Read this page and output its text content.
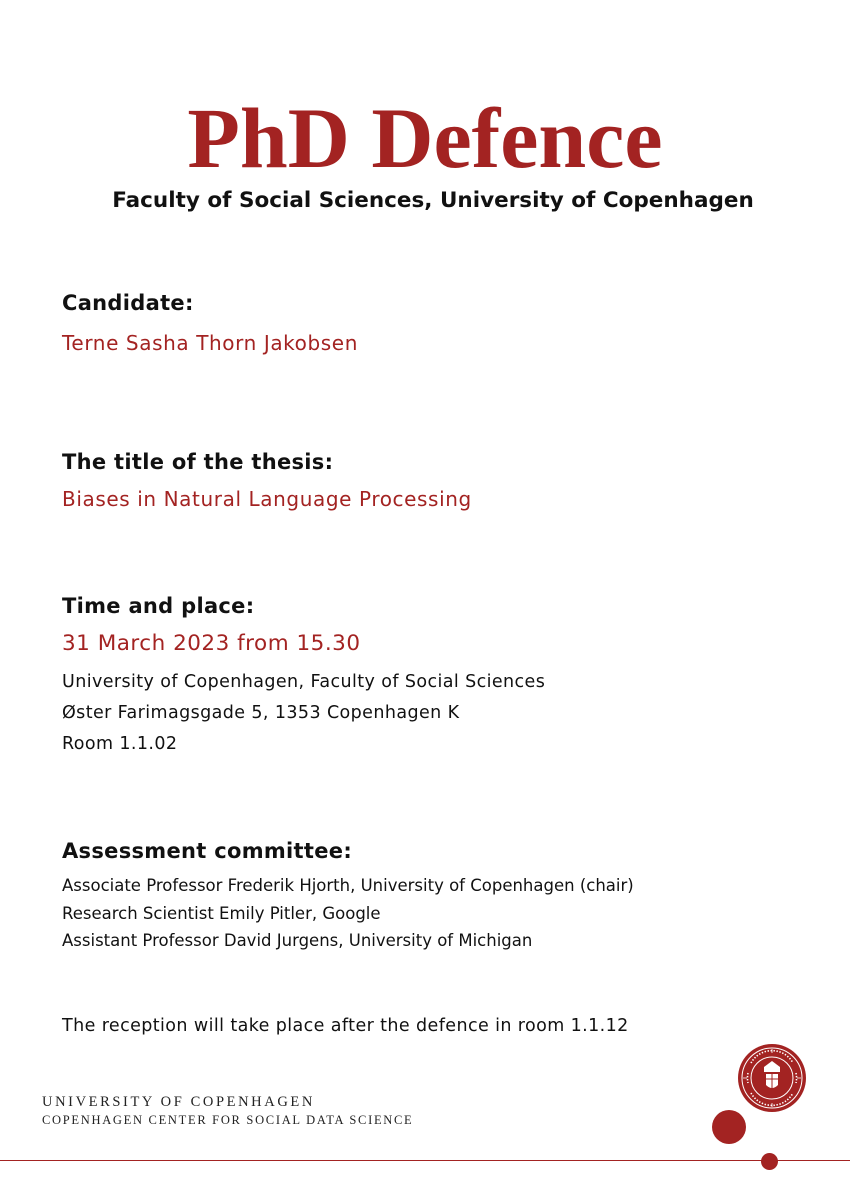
PhD Defence
Faculty of Social Sciences, University of Copenhagen
Candidate:
Terne Sasha Thorn Jakobsen
The title of the thesis:
Biases in Natural Language Processing
Time and place:
31 March 2023 from 15.30
University of Copenhagen, Faculty of Social Sciences
Øster Farimagsgade 5, 1353 Copenhagen K
Room 1.1.02
Assessment committee:
Associate Professor Frederik Hjorth, University of Copenhagen (chair)
Research Scientist Emily Pitler, Google
Assistant Professor David Jurgens, University of Michigan
The reception will take place after the defence in room 1.1.12
UNIVERSITY OF COPENHAGEN
COPENHAGEN CENTER FOR SOCIAL DATA SCIENCE
